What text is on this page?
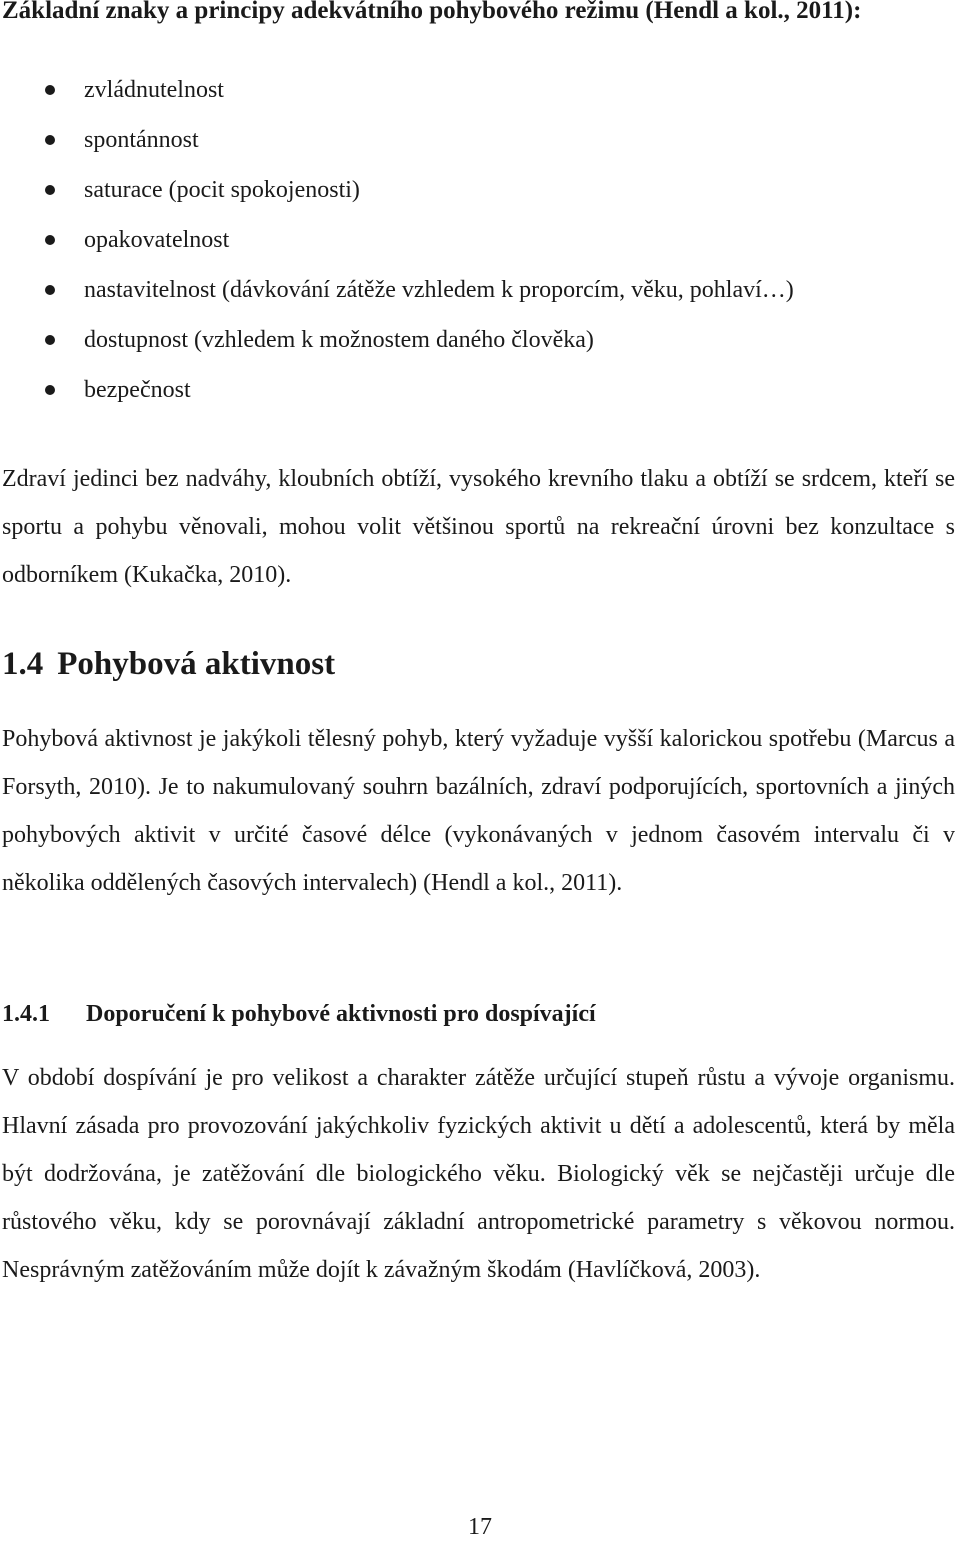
Základní znaky a principy adekvátního pohybového režimu (Hendl a kol., 2011):

zvládnutelnost
spontánnost
saturace (pocit spokojenosti)
opakovatelnost
nastavitelnost (dávkování zátěže vzhledem k proporcím, věku, pohlaví…)
dostupnost (vzhledem k možnostem daného člověka)
bezpečnost

Zdraví jedinci bez nadváhy, kloubních obtíží, vysokého krevního tlaku a obtíží se srdcem, kteří se sportu a pohybu věnovali, mohou volit většinou sportů na rekreační úrovni bez konzultace s odborníkem (Kukačka, 2010).

1.4 Pohybová aktivnost

Pohybová aktivnost je jakýkoli tělesný pohyb, který vyžaduje vyšší kalorickou spotřebu (Marcus a Forsyth, 2010). Je to nakumulovaný souhrn bazálních, zdraví podporujících, sportovních a jiných pohybových aktivit v určité časové délce (vykonávaných v jednom časovém intervalu či v několika oddělených časových intervalech) (Hendl a kol., 2011).

1.4.1 Doporučení k pohybové aktivnosti pro dospívající

V období dospívání je pro velikost a charakter zátěže určující stupeň růstu a vývoje organismu. Hlavní zásada pro provozování jakýchkoliv fyzických aktivit u dětí a adolescentů, která by měla být dodržována, je zatěžování dle biologického věku. Biologický věk se nejčastěji určuje dle růstového věku, kdy se porovnávají základní antropometrické parametry s věkovou normou. Nesprávným zatěžováním může dojít k závažným škodám (Havlíčková, 2003).

17
